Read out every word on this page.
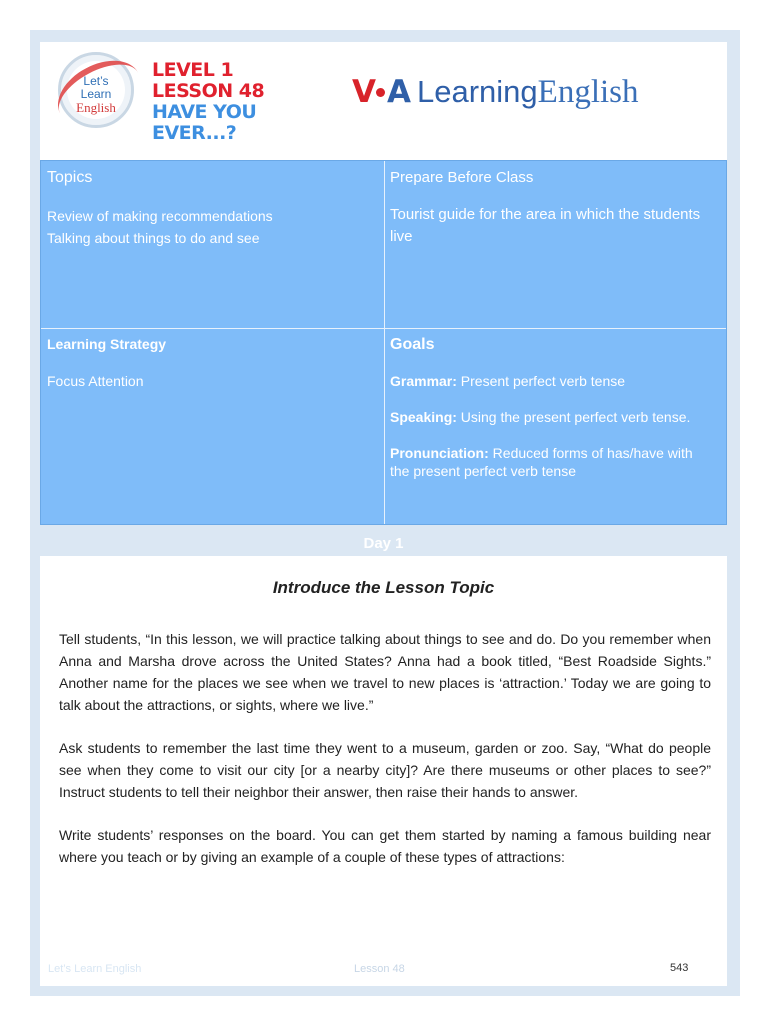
Let’s
Learn
English
LEVEL 1
LESSON 48
HAVE YOU
EVER...?
V A Learning English
Topics

Review of making recommendations

Talking about things to do and see

Prepare Before Class

Tourist guide for the area in which the students live

Learning Strategy

Focus Attention

Goals
Grammar: Present perfect verb tense
Speaking: Using the present perfect verb tense.
Pronunciation: Reduced forms of has/have with the present perfect verb tense
Day 1
Introduce the Lesson Topic

Tell students, “In this lesson, we will practice talking about things to see and do. Do you remember when Anna and Marsha drove across the United States? Anna had a book titled, “Best Roadside Sights.” Another name for the places we see when we travel to new places is ‘attraction.’ Today we are going to talk about the attractions, or sights, where we live.”

Ask students to remember the last time they went to a museum, garden or zoo. Say, “What do people see when they come to visit our city [or a nearby city]? Are there museums or other places to see?” Instruct students to tell their neighbor their answer, then raise their hands to answer.

Write students’ responses on the board. You can get them started by naming a famous building near where you teach or by giving an example of a couple of these types of attractions:

Let’s Learn English	Lesson 48	543
